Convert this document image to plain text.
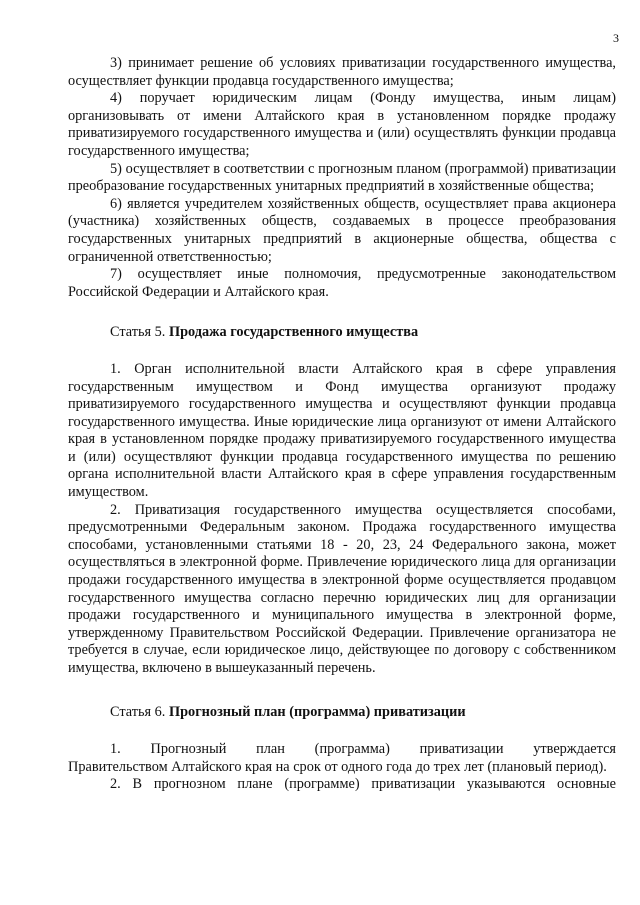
3

3) принимает решение об условиях приватизации государственного имущества, осуществляет функции продавца государственного имущества;

4) поручает юридическим лицам (Фонду имущества, иным лицам) организовывать от имени Алтайского края в установленном порядке продажу приватизируемого государственного имущества и (или) осуществлять функции продавца государственного имущества;

5) осуществляет в соответствии с прогнозным планом (программой) приватизации преобразование государственных унитарных предприятий в хозяйственные общества;

6) является учредителем хозяйственных обществ, осуществляет права акционера (участника) хозяйственных обществ, создаваемых в процессе преобразования государственных унитарных предприятий в акционерные общества, общества с ограниченной ответственностью;

7) осуществляет иные полномочия, предусмотренные законодательством Российской Федерации и Алтайского края.

Статья 5. Продажа государственного имущества

1. Орган исполнительной власти Алтайского края в сфере управления государственным имуществом и Фонд имущества организуют продажу приватизируемого государственного имущества и осуществляют функции продавца государственного имущества. Иные юридические лица организуют от имени Алтайского края в установленном порядке продажу приватизируемого государственного имущества и (или) осуществляют функции продавца государственного имущества по решению органа исполнительной власти Алтайского края в сфере управления государственным имуществом.

2. Приватизация государственного имущества осуществляется способами, предусмотренными Федеральным законом. Продажа государственного имущества способами, установленными статьями 18 - 20, 23, 24 Федерального закона, может осуществляться в электронной форме. Привлечение юридического лица для организации продажи государственного имущества в электронной форме осуществляется продавцом государственного имущества согласно перечню юридических лиц для организации продажи государственного и муниципального имущества в электронной форме, утвержденному Правительством Российской Федерации. Привлечение организатора не требуется в случае, если юридическое лицо, действующее по договору с собственником имущества, включено в вышеуказанный перечень.

Статья 6. Прогнозный план (программа) приватизации

1. Прогнозный план (программа) приватизации утверждается

Правительством Алтайского края на срок от одного года до трех лет (плановый период).

2. В прогнозном плане (программе) приватизации указываются основные
